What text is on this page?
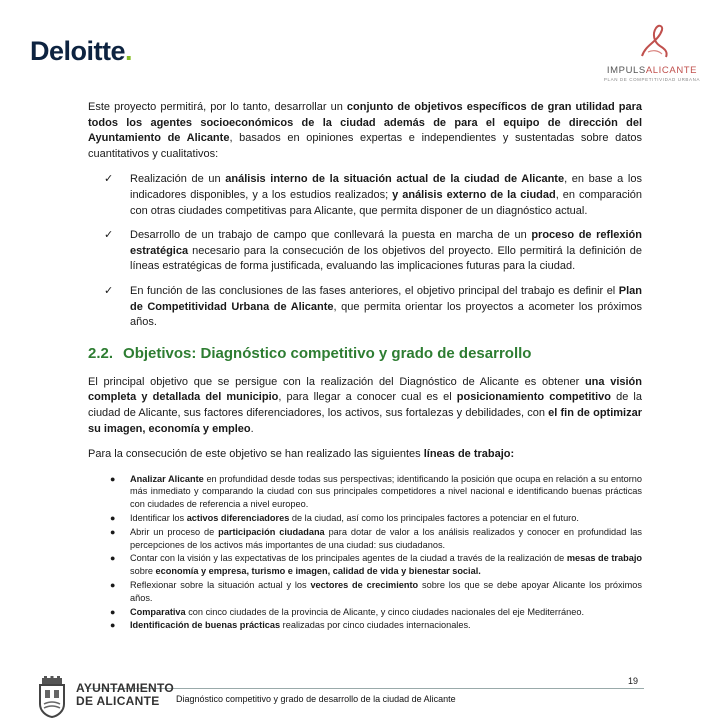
Deloitte.
IMPULSALICANTE
PLAN DE COMPETITIVIDAD URBANA

Este proyecto permitirá, por lo tanto, desarrollar un conjunto de objetivos específicos de gran utilidad para todos los agentes socioeconómicos de la ciudad además de para el equipo de dirección del Ayuntamiento de Alicante, basados en opiniones expertas e independientes y sustentadas sobre datos cuantitativos y cualitativos:

✓ Realización de un análisis interno de la situación actual de la ciudad de Alicante, en base a los indicadores disponibles, y a los estudios realizados; y análisis externo de la ciudad, en comparación con otras ciudades competitivas para Alicante, que permita disponer de un diagnóstico actual.
✓ Desarrollo de un trabajo de campo que conllevará la puesta en marcha de un proceso de reflexión estratégica necesario para la consecución de los objetivos del proyecto. Ello permitirá la definición de líneas estratégicas de forma justificada, evaluando las implicaciones futuras para la ciudad.
✓ En función de las conclusiones de las fases anteriores, el objetivo principal del trabajo es definir el Plan de Competitividad Urbana de Alicante, que permita orientar los proyectos a acometer los próximos años.
2.2. Objetivos: Diagnóstico competitivo y grado de desarrollo

El principal objetivo que se persigue con la realización del Diagnóstico de Alicante es obtener una visión completa y detallada del municipio, para llegar a conocer cual es el posicionamiento competitivo de la ciudad de Alicante, sus factores diferenciadores, los activos, sus fortalezas y debilidades, con el fin de optimizar su imagen, economía y empleo.

Para la consecución de este objetivo se han realizado las siguientes líneas de trabajo:

● Analizar Alicante en profundidad desde todas sus perspectivas; identificando la posición que ocupa en relación a su entorno más inmediato y comparando la ciudad con sus principales competidores a nivel nacional e identificando buenas prácticas con ciudades de referencia a nivel europeo.
● Identificar los activos diferenciadores de la ciudad, así como los principales factores a potenciar en el futuro.
● Abrir un proceso de participación ciudadana para dotar de valor a los análisis realizados y conocer en profundidad las percepciones de los activos más importantes de una ciudad: sus ciudadanos.
● Contar con la visión y las expectativas de los principales agentes de la ciudad a través de la realización de mesas de trabajo sobre economía y empresa, turismo e imagen, calidad de vida y bienestar social.
● Reflexionar sobre la situación actual y los vectores de crecimiento sobre los que se debe apoyar Alicante los próximos años.
● Comparativa con cinco ciudades de la provincia de Alicante, y cinco ciudades nacionales del eje Mediterráneo.
● Identificación de buenas prácticas realizadas por cinco ciudades internacionales.
19
Diagnóstico competitivo y grado de desarrollo de la ciudad de Alicante
AYUNTAMIENTO
DE ALICANTE
